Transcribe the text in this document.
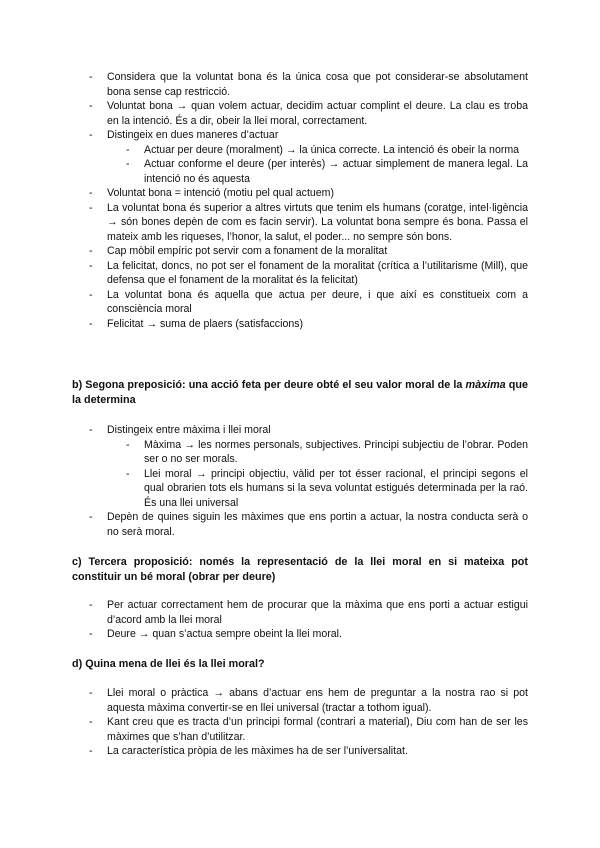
- Considera que la voluntat bona és la única cosa que pot considerar-se absolutament bona sense cap restricció.
- Voluntat bona → quan volem actuar, decidim actuar complint el deure. La clau es troba en la intenció. És a dir, obeir la llei moral, correctament.
- Distingeix en dues maneres d’actuar
- Actuar per deure (moralment) → la única correcte. La intenció és obeir la norma
- Actuar conforme el deure (per interès) → actuar simplement de manera legal. La intenció no és aquesta
- Voluntat bona = intenció (motiu pel qual actuem)
- La voluntat bona és superior a altres virtuts que tenim els humans (coratge, intel·ligència → són bones depèn de com es facin servir). La voluntat bona sempre és bona. Passa el mateix amb les riqueses, l’honor, la salut, el poder... no sempre són bons.
- Cap mòbil empíric pot servir com a fonament de la moralitat
- La felicitat, doncs, no pot ser el fonament de la moralitat (crítica a l’utilitarisme (Mill), que defensa que el fonament de la moralitat és la felicitat)
- La voluntat bona és aquella que actua per deure, i que així es constitueix com a consciència moral
- Felicitat → suma de plaers (satisfaccions)

b) Segona preposició: una acció feta per deure obté el seu valor moral de la màxima que la determina

- Distingeix entre màxima i llei moral
- Màxima → les normes personals, subjectives. Principi subjectiu de l’obrar. Poden ser o no ser morals.
- Llei moral → principi objectiu, vàlid per tot ésser racional, el principi segons el qual obrarien tots els humans si la seva voluntat estigués determinada per la raó. És una llei universal
- Depèn de quines siguin les màximes que ens portin a actuar, la nostra conducta serà o no serà moral.

c) Tercera proposició: només la representació de la llei moral en si mateixa pot constituir un bé moral (obrar per deure)

- Per actuar correctament hem de procurar que la màxima que ens porti a actuar estigui d’acord amb la llei moral
- Deure → quan s’actua sempre obeint la llei moral.

d) Quina mena de llei és la llei moral?

- Llei moral o pràctica → abans d’actuar ens hem de preguntar a la nostra rao si pot aquesta màxima convertir-se en llei universal (tractar a tothom igual).
- Kant creu que es tracta d’un principi formal (contrari a material), Diu com han de ser les màximes que s’han d’utilitzar.
- La característica pròpia de les màximes ha de ser l’universalitat.
